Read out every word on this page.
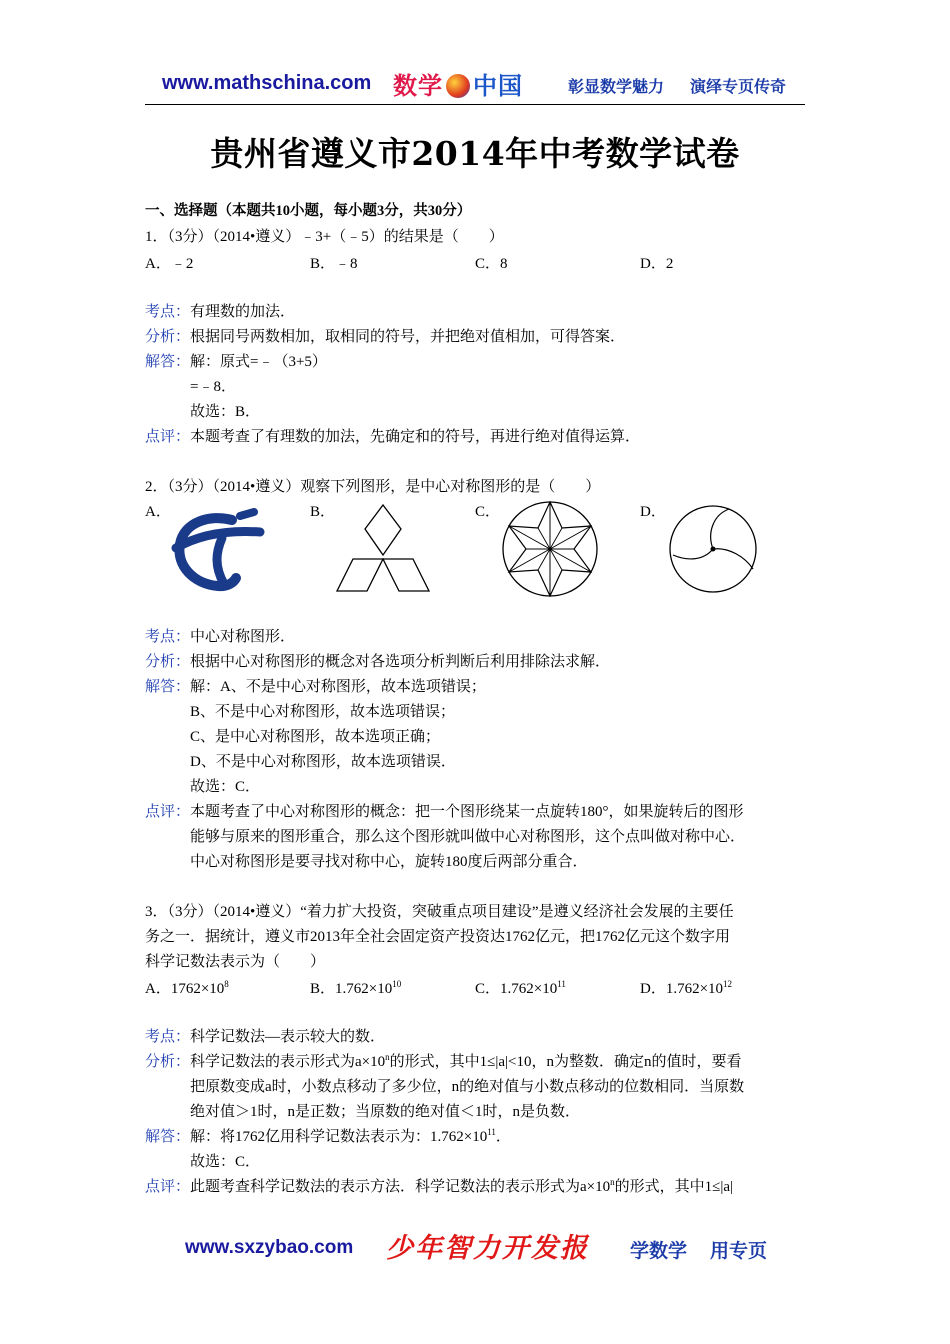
www.mathschina.com 数学 中国	彰显数学魅力 演绎专页传奇
贵州省遵义市2014年中考数学试卷
一、选择题（本题共10小题，每小题3分，共30分）
1．（3分）（2014•遵义）﹣3+（﹣5）的结果是（　　）
A．﹣2	B．﹣8	C．8	D．2
考点：有理数的加法．
分析：根据同号两数相加，取相同的符号，并把绝对值相加，可得答案．
解答：解：原式=﹣（3+5）
=﹣8．
故选：B．
点评：本题考查了有理数的加法，先确定和的符号，再进行绝对值得运算．
2．（3分）（2014•遵义）观察下列图形，是中心对称图形的是（　　）
A．	B．	C．	D．
考点：中心对称图形．
分析：根据中心对称图形的概念对各选项分析判断后利用排除法求解．
解答：解：A、不是中心对称图形，故本选项错误；
B、不是中心对称图形，故本选项错误；
C、是中心对称图形，故本选项正确；
D、不是中心对称图形，故本选项错误．
故选：C．
点评：本题考查了中心对称图形的概念：把一个图形绕某一点旋转180°，如果旋转后的图形
能够与原来的图形重合，那么这个图形就叫做中心对称图形，这个点叫做对称中心．
中心对称图形是要寻找对称中心，旋转180度后两部分重合．
3．（3分）（2014•遵义）“着力扩大投资，突破重点项目建设”是遵义经济社会发展的主要任
务之一．据统计，遵义市2013年全社会固定资产投资达1762亿元，把1762亿元这个数字用
科学记数法表示为（　　）
A．$1762\times 10^8$	B．$1.762\times 10^{10}$	C．$1.762\times 10^{11}$	D．$1.762\times 10^{12}$
考点：科学记数法—表示较大的数．
分析：科学记数法的表示形式为$a\times 10^n$的形式，其中1≤|a|<10，n为整数．确定n的值时，要看
把原数变成a时，小数点移动了多少位，n的绝对值与小数点移动的位数相同．当原数
绝对值＞1时，n是正数；当原数的绝对值＜1时，n是负数．
解答：解：将1762亿用科学记数法表示为：$1.762\times 10^{11}$．
故选：C．
点评：此题考查科学记数法的表示方法．科学记数法的表示形式为$a\times 10^n$的形式，其中1≤|a|
www.sxzybao.com 少年智力开发报 学数学 用专页
